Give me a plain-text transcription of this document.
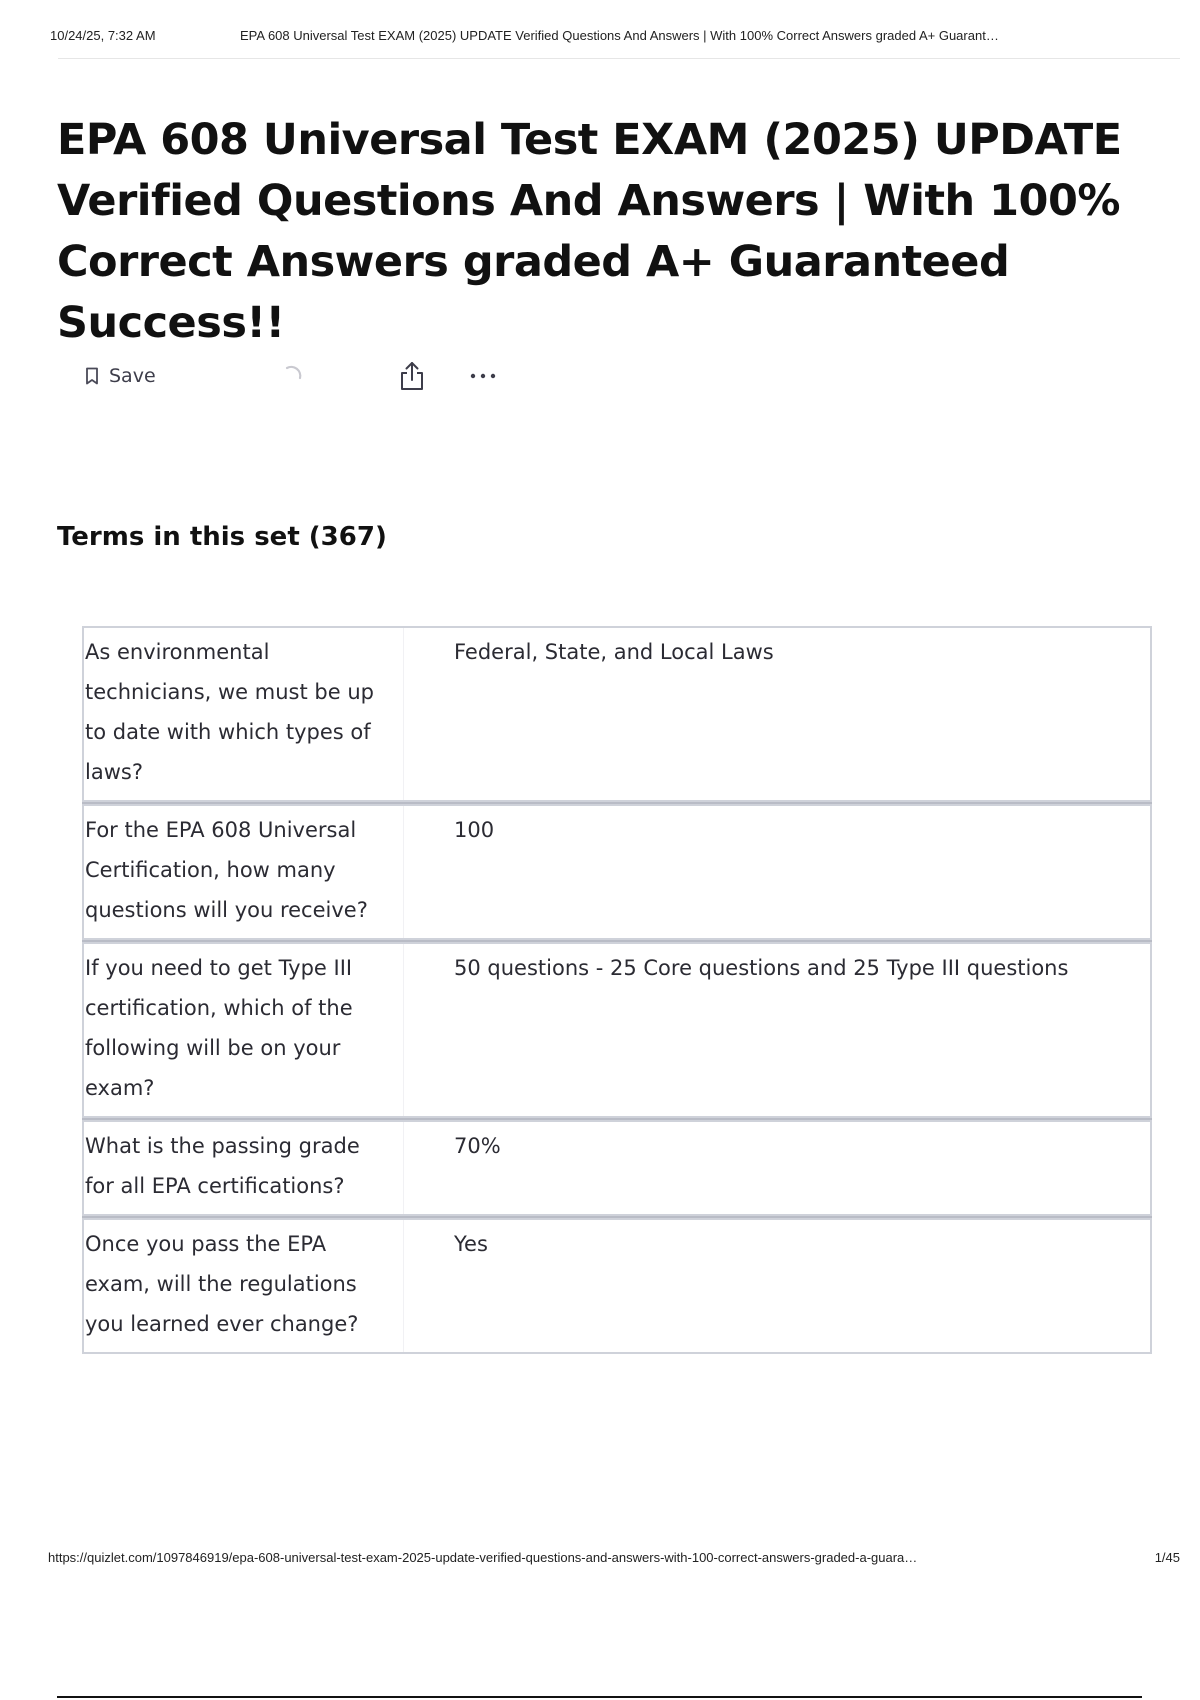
10/24/25, 7:32 AM	EPA 608 Universal Test EXAM (2025) UPDATE Verified Questions And Answers | With 100% Correct Answers graded A+ Guarant…
EPA 608 Universal Test EXAM (2025) UPDATE Verified Questions And Answers | With 100% Correct Answers graded A+ Guaranteed Success!!
Save
Terms in this set (367)
As environmental technicians, we must be up to date with which types of laws?
Federal, State, and Local Laws
For the EPA 608 Universal Certification, how many questions will you receive?
100
If you need to get Type III certification, which of the following will be on your exam?
50 questions - 25 Core questions and 25 Type III questions
What is the passing grade for all EPA certifications?
70%
Once you pass the EPA exam, will the regulations you learned ever change?
Yes
https://quizlet.com/1097846919/epa-608-universal-test-exam-2025-update-verified-questions-and-answers-with-100-correct-answers-graded-a-guara…	1/45
